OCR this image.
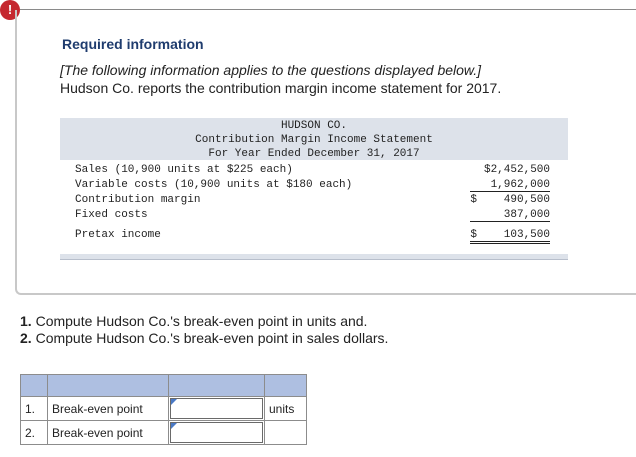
!
Required information
[The following information applies to the questions displayed below.]
Hudson Co. reports the contribution margin income statement for 2017.
HUDSON CO.
Contribution Margin Income Statement
For Year Ended December 31, 2017
Sales (10,900 units at $225 each)	$2,452,500
Variable costs (10,900 units at $180 each)	1,962,000
Contribution margin	$	490,500
Fixed costs	387,000
Pretax income	$	103,500
1. Compute Hudson Co.'s break-even point in units and.
2. Compute Hudson Co.'s break-even point in sales dollars.

1.	Break-even point		units
2.	Break-even point	
